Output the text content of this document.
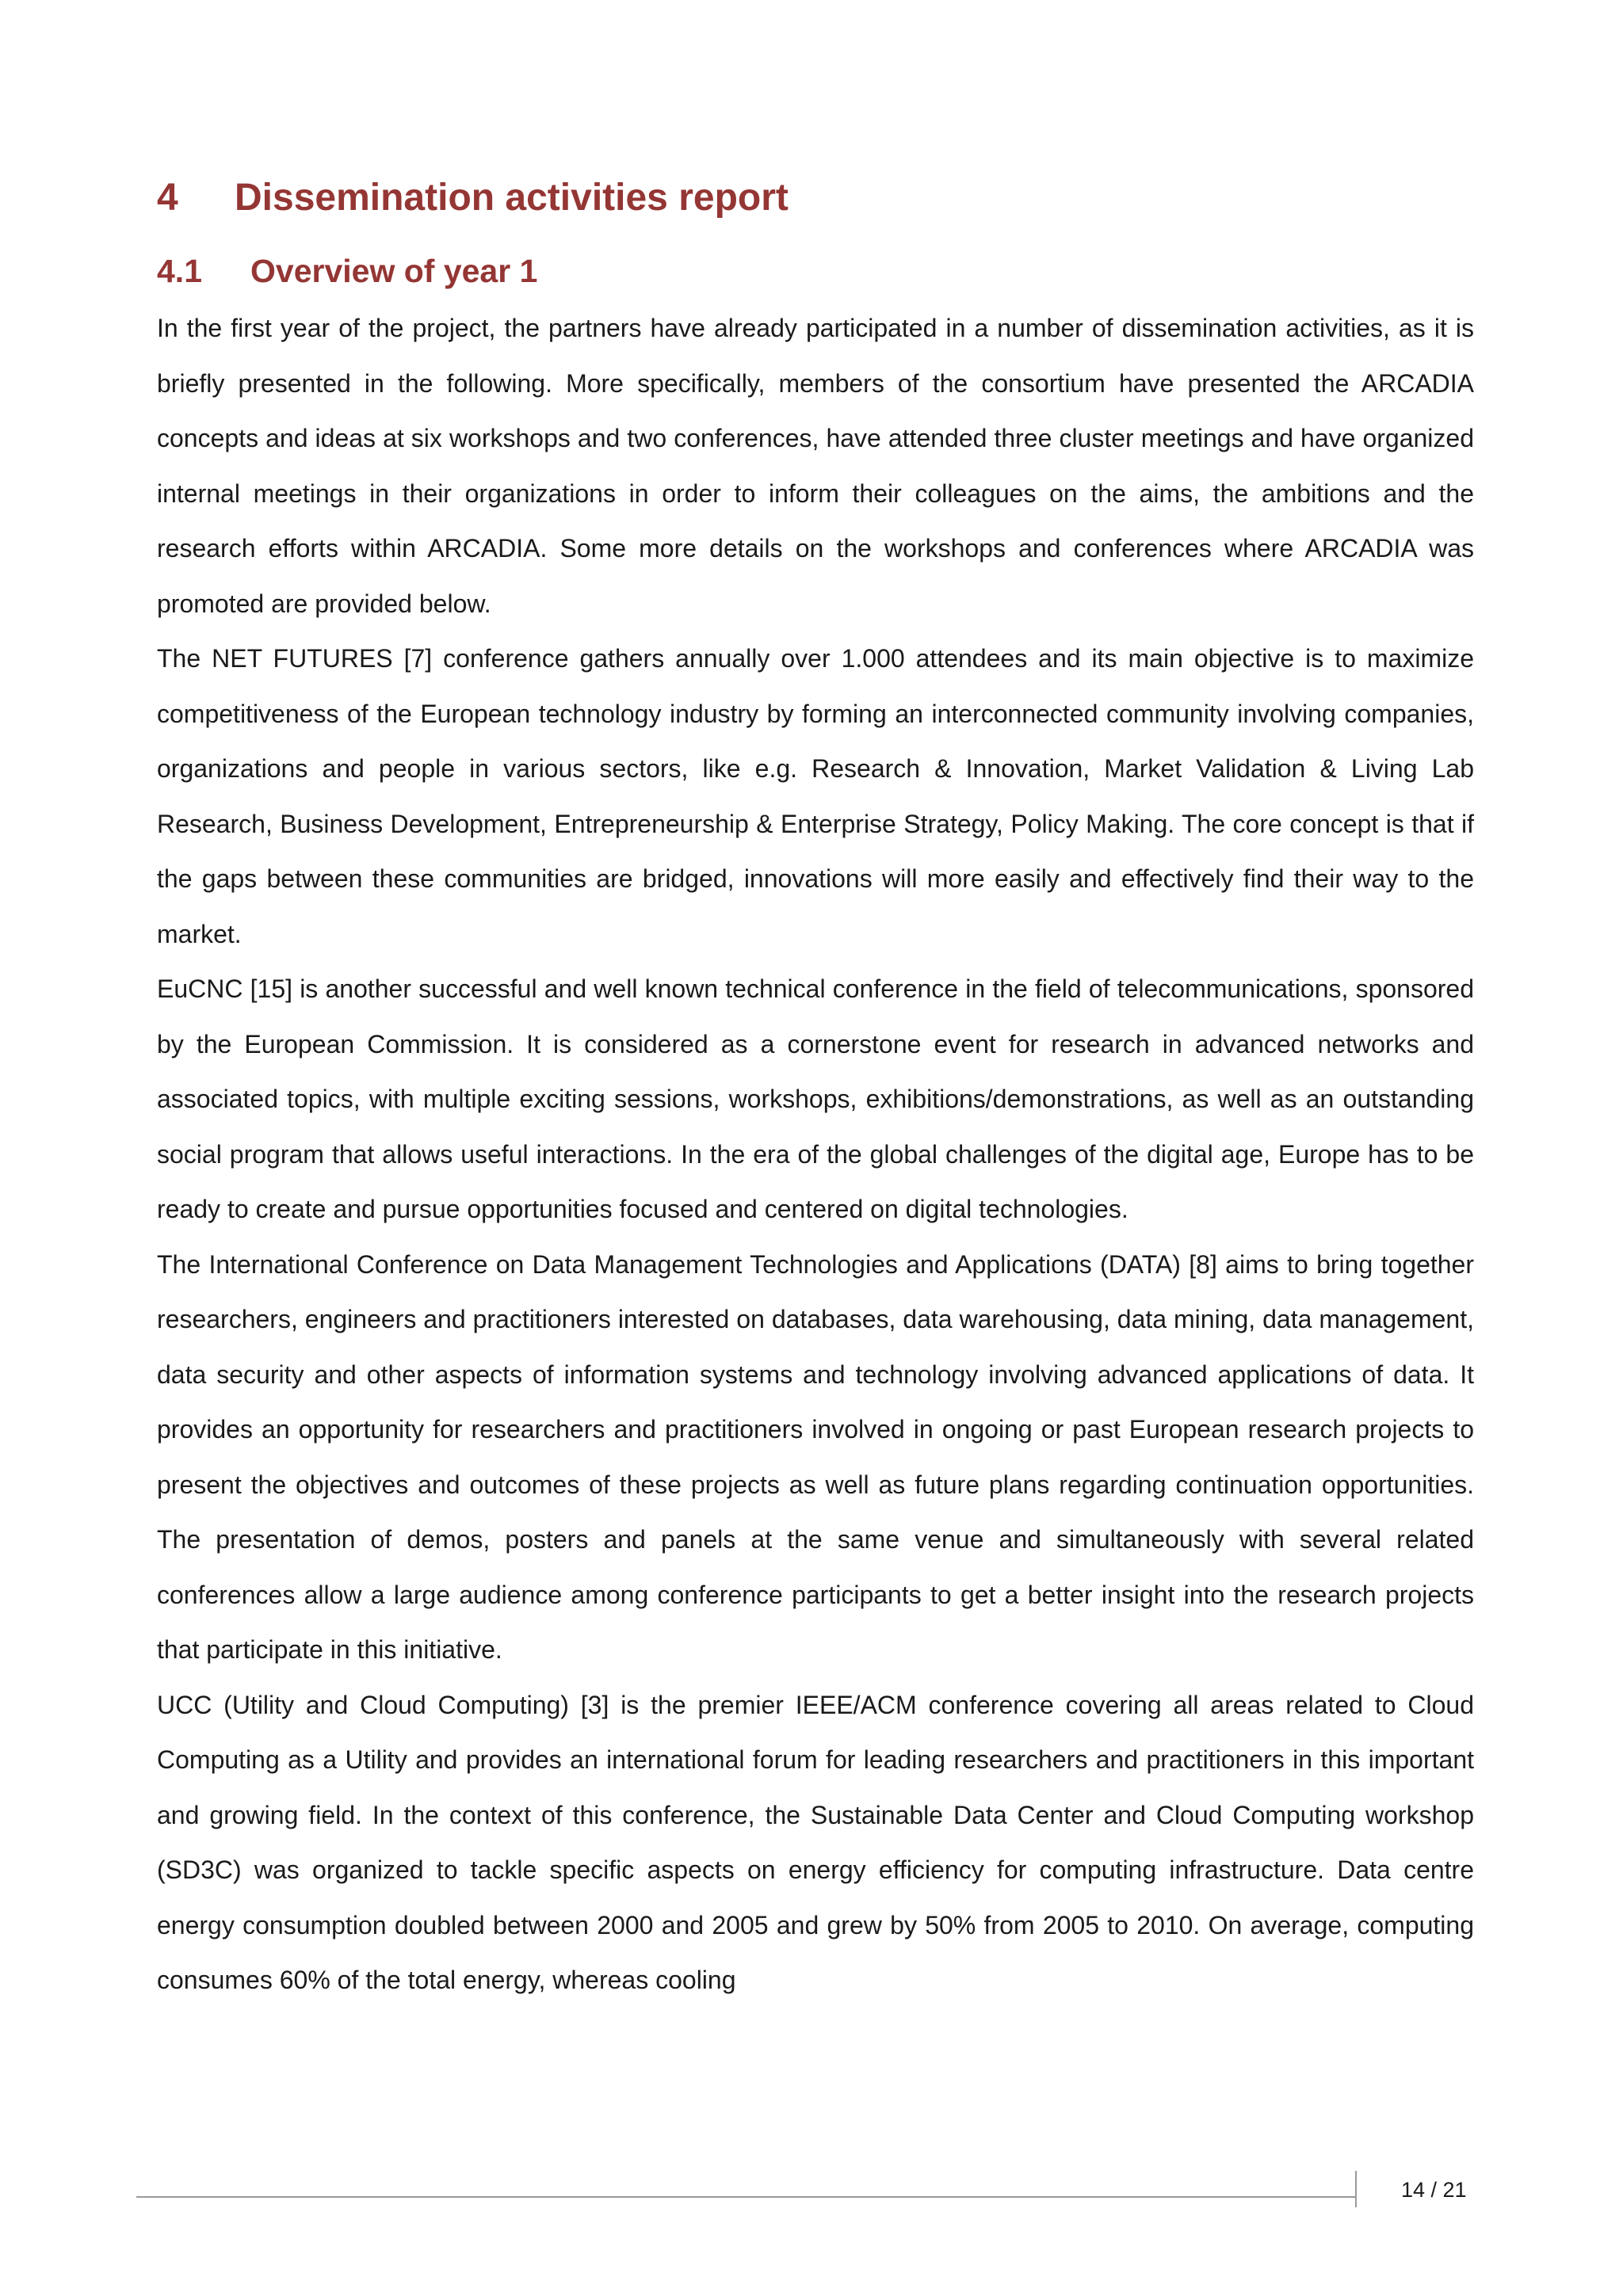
4	Dissemination activities report
4.1	Overview of year 1

In the first year of the project, the partners have already participated in a number of dissemination activities, as it is briefly presented in the following. More specifically, members of the consortium have presented the ARCADIA concepts and ideas at six workshops and two conferences, have attended three cluster meetings and have organized internal meetings in their organizations in order to inform their colleagues on the aims, the ambitions and the research efforts within ARCADIA. Some more details on the workshops and conferences where ARCADIA was promoted are provided below.

The NET FUTURES [7] conference gathers annually over 1.000 attendees and its main objective is to maximize competitiveness of the European technology industry by forming an interconnected community involving companies, organizations and people in various sectors, like e.g. Research & Innovation, Market Validation & Living Lab Research, Business Development, Entrepreneurship & Enterprise Strategy, Policy Making. The core concept is that if the gaps between these communities are bridged, innovations will more easily and effectively find their way to the market.

EuCNC [15] is another successful and well known technical conference in the field of telecommunications, sponsored by the European Commission. It is considered as a cornerstone event for research in advanced networks and associated topics, with multiple exciting sessions, workshops, exhibitions/demonstrations, as well as an outstanding social program that allows useful interactions. In the era of the global challenges of the digital age, Europe has to be ready to create and pursue opportunities focused and centered on digital technologies.

The International Conference on Data Management Technologies and Applications (DATA) [8] aims to bring together researchers, engineers and practitioners interested on databases, data warehousing, data mining, data management, data security and other aspects of information systems and technology involving advanced applications of data. It provides an opportunity for researchers and practitioners involved in ongoing or past European research projects to present the objectives and outcomes of these projects as well as future plans regarding continuation opportunities. The presentation of demos, posters and panels at the same venue and simultaneously with several related conferences allow a large audience among conference participants to get a better insight into the research projects that participate in this initiative.

UCC (Utility and Cloud Computing) [3] is the premier IEEE/ACM conference covering all areas related to Cloud Computing as a Utility and provides an international forum for leading researchers and practitioners in this important and growing field. In the context of this conference, the Sustainable Data Center and Cloud Computing workshop (SD3C) was organized to tackle specific aspects on energy efficiency for computing infrastructure. Data centre energy consumption doubled between 2000 and 2005 and grew by 50% from 2005 to 2010. On average, computing consumes 60% of the total energy, whereas cooling

14 / 21
